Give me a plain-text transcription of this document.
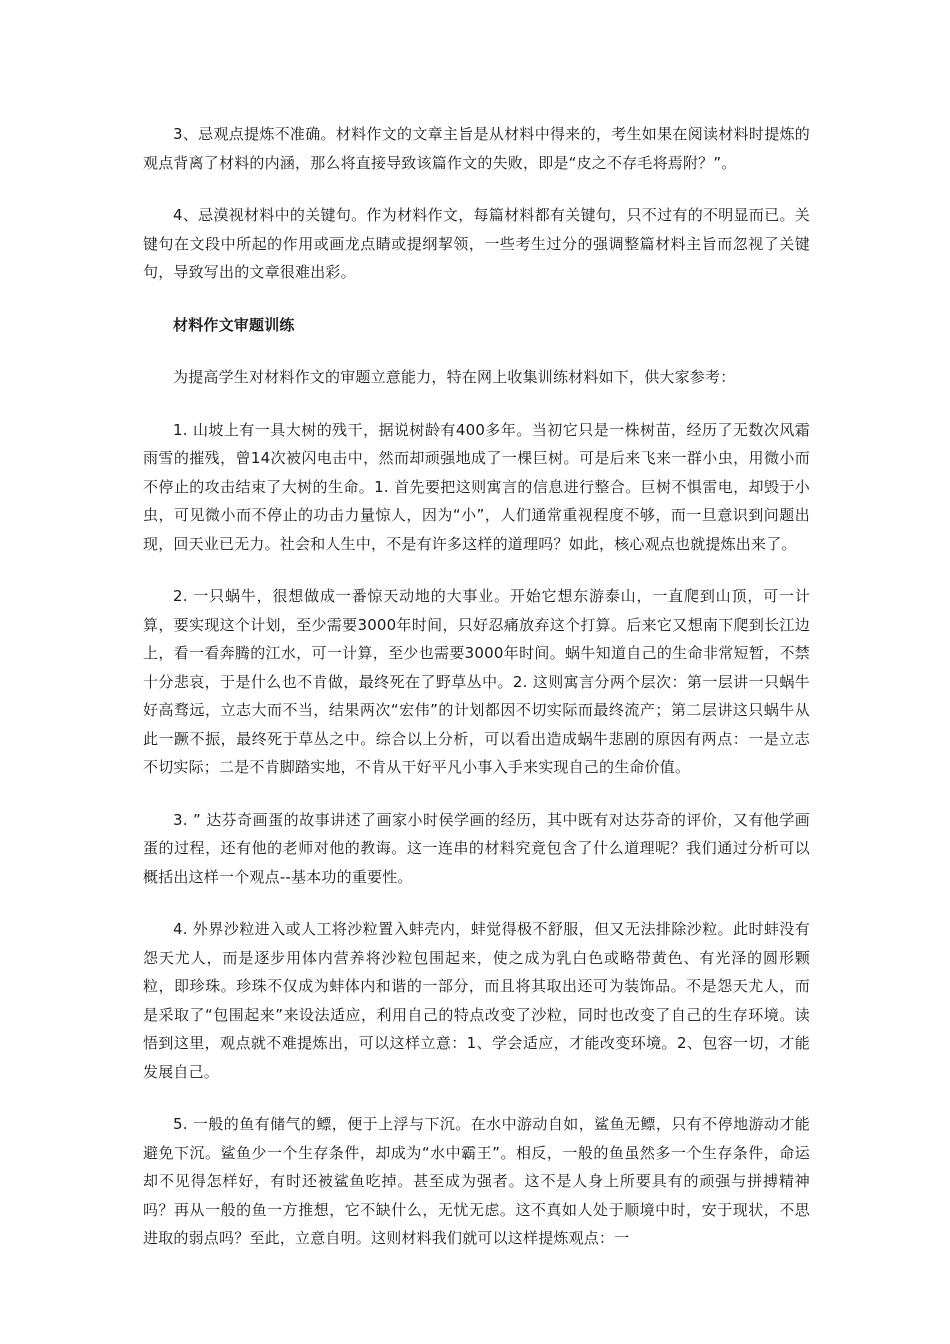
3、忌观点提炼不准确。材料作文的文章主旨是从材料中得来的，考生如果在阅读材料时提炼的观点背离了材料的内涵，那么将直接导致该篇作文的失败，即是“皮之不存毛将焉附？”。

4、忌漠视材料中的关键句。作为材料作文，每篇材料都有关键句，只不过有的不明显而已。关键句在文段中所起的作用或画龙点睛或提纲挈领，一些考生过分的强调整篇材料主旨而忽视了关键句，导致写出的文章很难出彩。

材料作文审题训练

为提高学生对材料作文的审题立意能力，特在网上收集训练材料如下，供大家参考：

1. 山坡上有一具大树的残干，据说树龄有400多年。当初它只是一株树苗，经历了无数次风霜雨雪的摧残，曾14次被闪电击中，然而却顽强地成了一棵巨树。可是后来飞来一群小虫，用微小而不停止的攻击结束了大树的生命。1. 首先要把这则寓言的信息进行整合。巨树不惧雷电，却毁于小虫，可见微小而不停止的功击力量惊人，因为“小”，人们通常重视程度不够，而一旦意识到问题出现，回天业已无力。社会和人生中，不是有许多这样的道理吗？如此，核心观点也就提炼出来了。

2. 一只蜗牛，很想做成一番惊天动地的大事业。开始它想东游泰山，一直爬到山顶，可一计算，要实现这个计划，至少需要3000年时间，只好忍痛放弃这个打算。后来它又想南下爬到长江边上，看一看奔腾的江水，可一计算，至少也需要3000年时间。蜗牛知道自己的生命非常短暂，不禁十分悲哀，于是什么也不肯做，最终死在了野草丛中。2. 这则寓言分两个层次：第一层讲一只蜗牛好高骛远，立志大而不当，结果两次“宏伟”的计划都因不切实际而最终流产；第二层讲这只蜗牛从此一蹶不振，最终死于草丛之中。综合以上分析，可以看出造成蜗牛悲剧的原因有两点：一是立志不切实际；二是不肯脚踏实地，不肯从干好平凡小事入手来实现自己的生命价值。

3. ” 达芬奇画蛋的故事讲述了画家小时侯学画的经历，其中既有对达芬奇的评价，又有他学画蛋的过程，还有他的老师对他的教诲。这一连串的材料究竟包含了什么道理呢？我们通过分析可以概括出这样一个观点--基本功的重要性。

4. 外界沙粒进入或人工将沙粒置入蚌壳内，蚌觉得极不舒服，但又无法排除沙粒。此时蚌没有怨天尤人，而是逐步用体内营养将沙粒包围起来，使之成为乳白色或略带黄色、有光泽的圆形颗粒，即珍珠。珍珠不仅成为蚌体内和谐的一部分，而且将其取出还可为装饰品。不是怨天尤人，而是采取了“包围起来”来设法适应，利用自己的特点改变了沙粒，同时也改变了自己的生存环境。读悟到这里，观点就不难提炼出，可以这样立意：1、学会适应，才能改变环境。2、包容一切，才能发展自己。

5. 一般的鱼有储气的鳔，便于上浮与下沉。在水中游动自如，鲨鱼无鳔，只有不停地游动才能避免下沉。鲨鱼少一个生存条件，却成为“水中霸王”。相反，一般的鱼虽然多一个生存条件，命运却不见得怎样好，有时还被鲨鱼吃掉。甚至成为强者。这不是人身上所要具有的顽强与拼搏精神吗？再从一般的鱼一方推想，它不缺什么，无忧无虑。这不真如人处于顺境中时，安于现状，不思进取的弱点吗？至此，立意自明。这则材料我们就可以这样提炼观点：一
